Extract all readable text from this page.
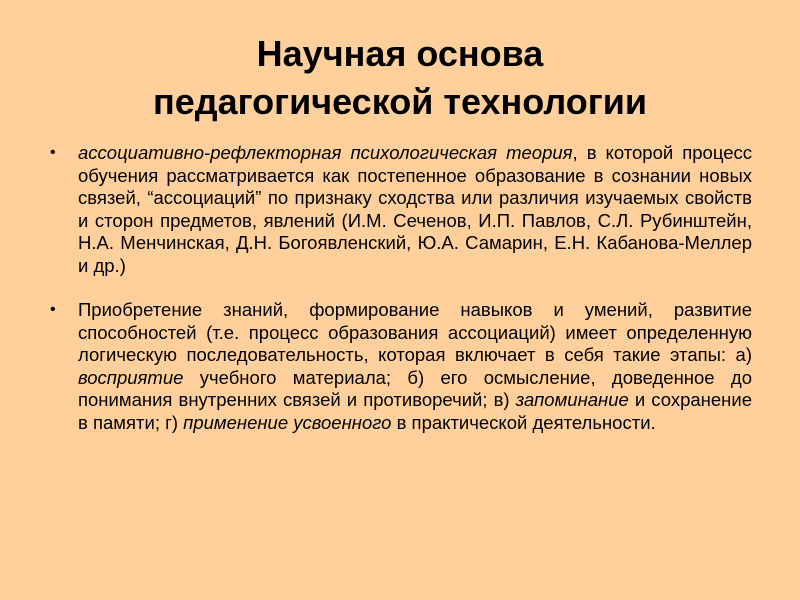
Научная основа
педагогической технологии
• ассоциативно-рефлекторная психологическая теория, в которой процесс обучения рассматривается как постепенное образование в сознании новых связей, “ассоциаций” по признаку сходства или различия изучаемых свойств и сторон предметов, явлений (И.М. Сеченов, И.П. Павлов, С.Л. Рубинштейн, Н.А. Менчинская, Д.Н. Богоявленский, Ю.А. Самарин, Е.Н. Кабанова-Меллер и др.)
• Приобретение знаний, формирование навыков и умений, развитие способностей (т.е. процесс образования ассоциаций) имеет определенную логическую последовательность, которая включает в себя такие этапы: а) восприятие учебного материала; б) его осмысление, доведенное до понимания внутренних связей и противоречий; в) запоминание и сохранение в памяти; г) применение усвоенного в практической деятельности.
